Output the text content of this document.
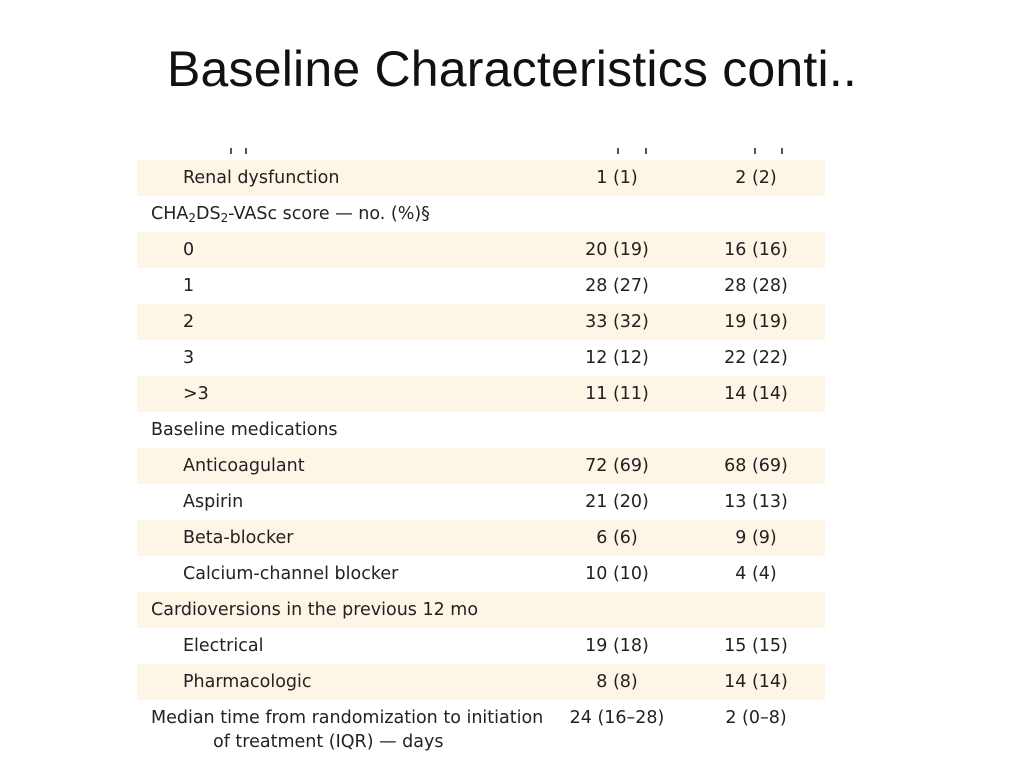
Baseline Characteristics conti..
Renal dysfunction	1 (1)	2 (2)
$CHA_2DS_2$-VASc score — no. (%)§
0	20 (19)	16 (16)
1	28 (27)	28 (28)
2	33 (32)	19 (19)
3	12 (12)	22 (22)
>3	11 (11)	14 (14)
Baseline medications
Anticoagulant	72 (69)	68 (69)
Aspirin	21 (20)	13 (13)
Beta-blocker	6 (6)	9 (9)
Calcium-channel blocker	10 (10)	4 (4)
Cardioversions in the previous 12 mo
Electrical	19 (18)	15 (15)
Pharmacologic	8 (8)	14 (14)
Median time from randomization to initiation
of treatment (IQR) — days
24 (16–28)	2 (0–8)
